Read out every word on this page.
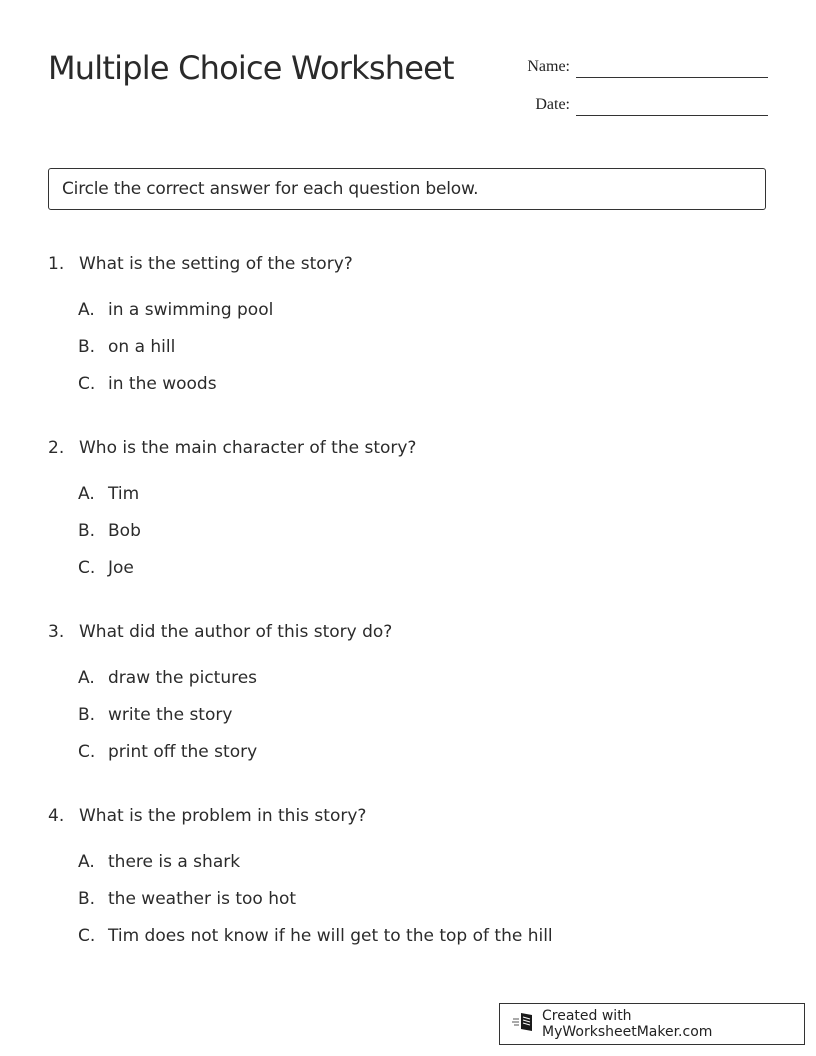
Multiple Choice Worksheet	Name:
Date:
Circle the correct answer for each question below.
1. What is the setting of the story?
A. in a swimming pool
B. on a hill
C. in the woods
2. Who is the main character of the story?
A. Tim
B. Bob
C. Joe
3. What did the author of this story do?
A. draw the pictures
B. write the story
C. print off the story
4. What is the problem in this story?
A. there is a shark
B. the weather is too hot
C. Tim does not know if he will get to the top of the hill
Created with MyWorksheetMaker.com
